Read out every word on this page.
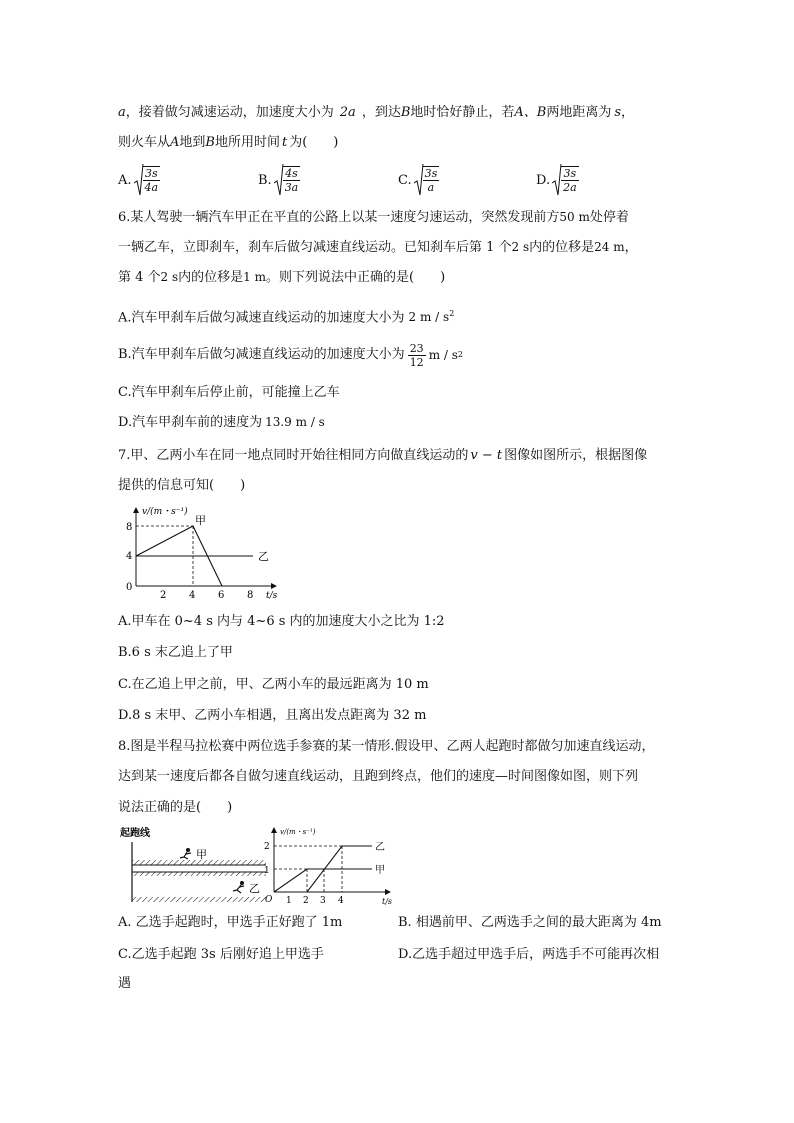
a，接着做匀减速运动，加速度大小为 2a ，到达B地时恰好静止，若A、B两地距离为 s，
则火车从A地到B地所用时间 t 为(　　)
A. $\frac{3s}{4a}$	B. $\frac{4s}{3a}$	C. $\frac{3s}{a}$	D. $\frac{3s}{2a}$
6.某人驾驶一辆汽车甲正在平直的公路上以某一速度匀速运动，突然发现前方50 m处停着
一辆乙车，立即刹车，刹车后做匀减速直线运动。已知刹车后第 1 个2 s内的位移是24 m，
第 4 个2 s内的位移是1 m。则下列说法中正确的是(　　)
A.汽车甲刹车后做匀减速直线运动的加速度大小为 2 m / $s^2$
B.汽车甲刹车后做匀减速直线运动的加速度大小为 $\frac{23}{12}$ m / s 2
C.汽车甲刹车后停止前，可能撞上乙车
D.汽车甲刹车前的速度为 13.9 m / s
7.甲、乙两小车在同一地点同时开始往相同方向做直线运动的 v − t 图像如图所示，根据图像
提供的信息可知(　　)
v/(m・s⁻¹)
t/s
8
4
0
2 4 6 8
甲
乙
A.甲车在 0~4 s 内与 4~6 s 内的加速度大小之比为 1:2
B.6 s 末乙追上了甲
C.在乙追上甲之前，甲、乙两小车的最远距离为 10 m
D.8 s 末甲、乙两小车相遇，且离出发点距离为 32 m
8.图是半程马拉松赛中两位选手参赛的某一情形.假设甲、乙两人起跑时都做匀加速直线运动，
达到某一速度后都各自做匀速直线运动，且跑到终点，他们的速度—时间图像如图，则下列
说法正确的是(　　)
起跑线
甲
乙
v/(m・s⁻¹)
t/s
2
1
O 1 2 3 4
乙
甲
A. 乙选手起跑时，甲选手正好跑了 1m	B. 相遇前甲、乙两选手之间的最大距离为 4m
C.乙选手起跑 3s 后刚好追上甲选手	D.乙选手超过甲选手后，两选手不可能再次相
遇
